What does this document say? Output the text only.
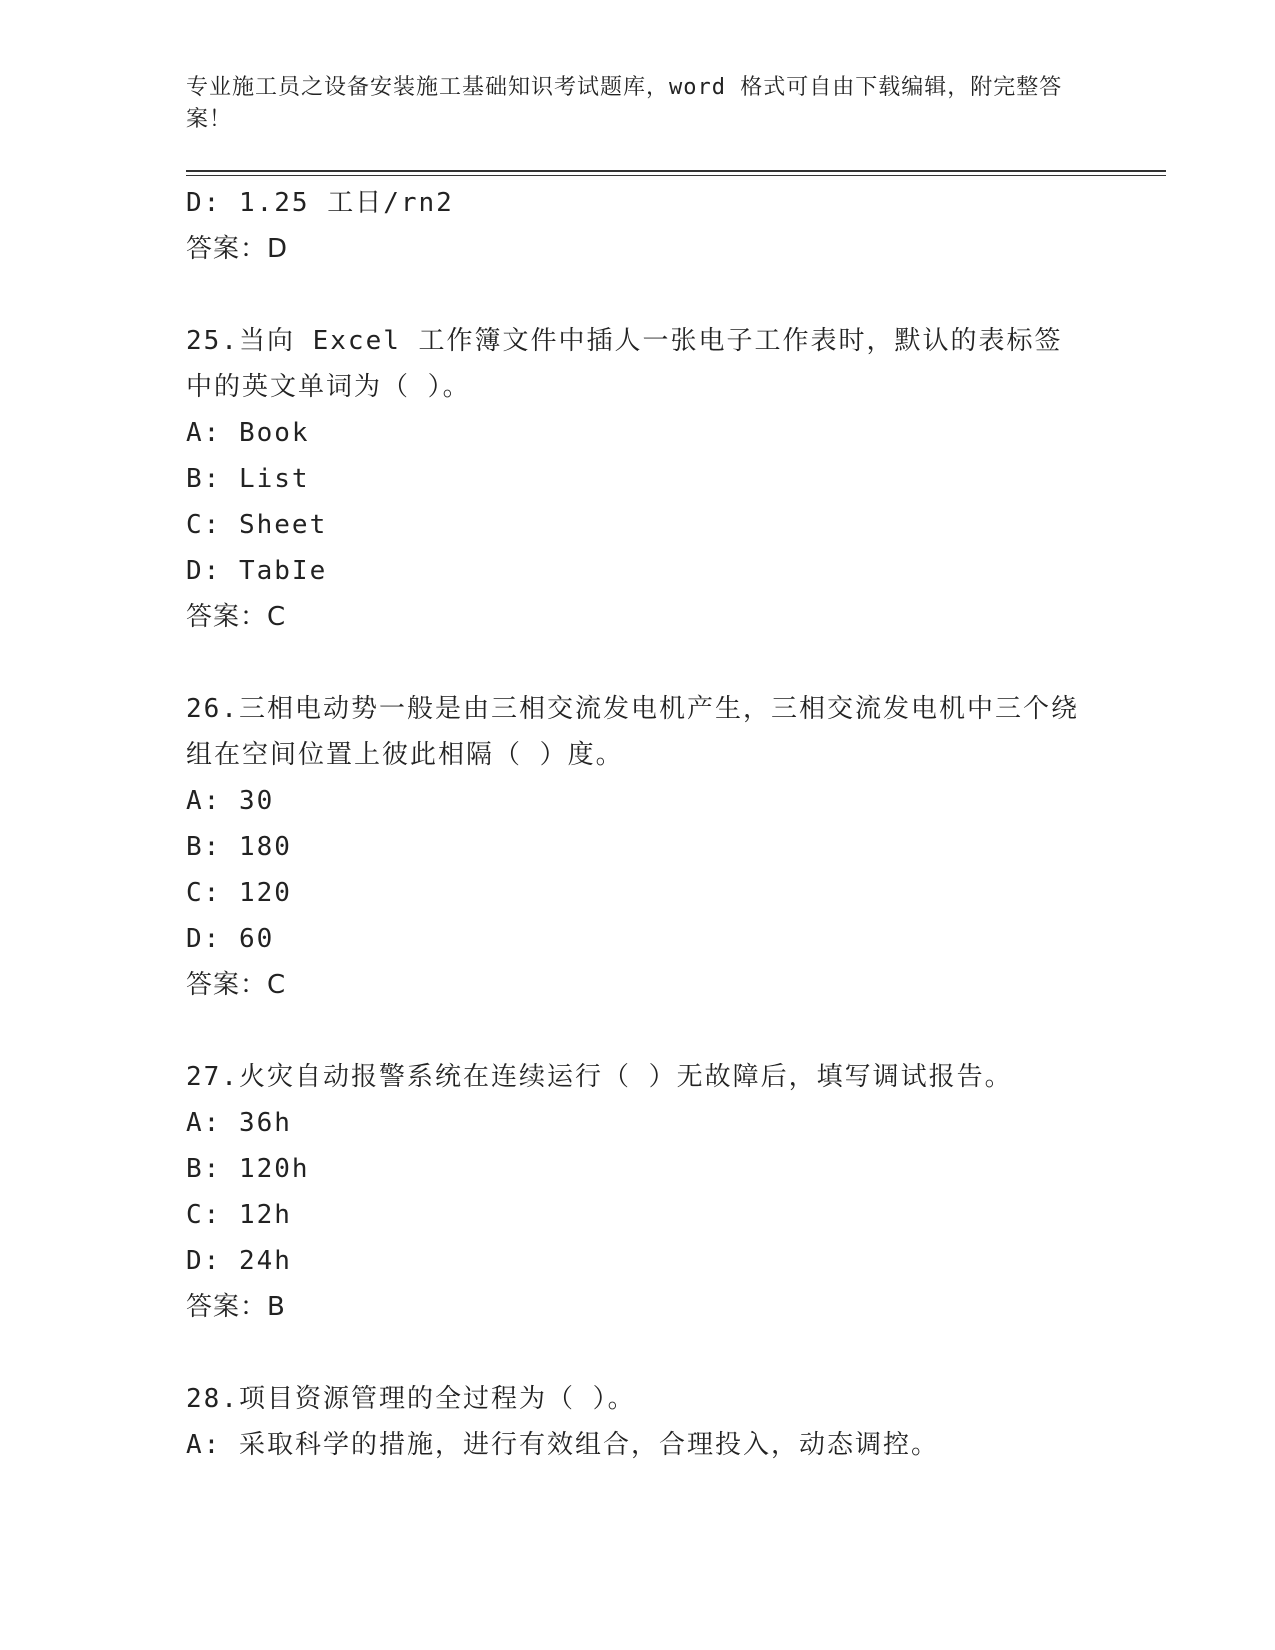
专业施工员之设备安装施工基础知识考试题库，word 格式可自由下载编辑，附完整答案！
D: 1.25 工日/rn2
答案：D
25.当向 Excel 工作簿文件中插人一张电子工作表时，默认的表标签中的英文单词为（ ）。
A: Book
B: List
C: Sheet
D: TabIe
答案：C
26.三相电动势一般是由三相交流发电机产生，三相交流发电机中三个绕组在空间位置上彼此相隔（ ）度。
A: 30
B: 180
C: 120
D: 60
答案：C
27.火灾自动报警系统在连续运行（ ）无故障后，填写调试报告。
A: 36h
B: 120h
C: 12h
D: 24h
答案：B
28.项目资源管理的全过程为（ ）。
A: 采取科学的措施，进行有效组合，合理投入，动态调控。
